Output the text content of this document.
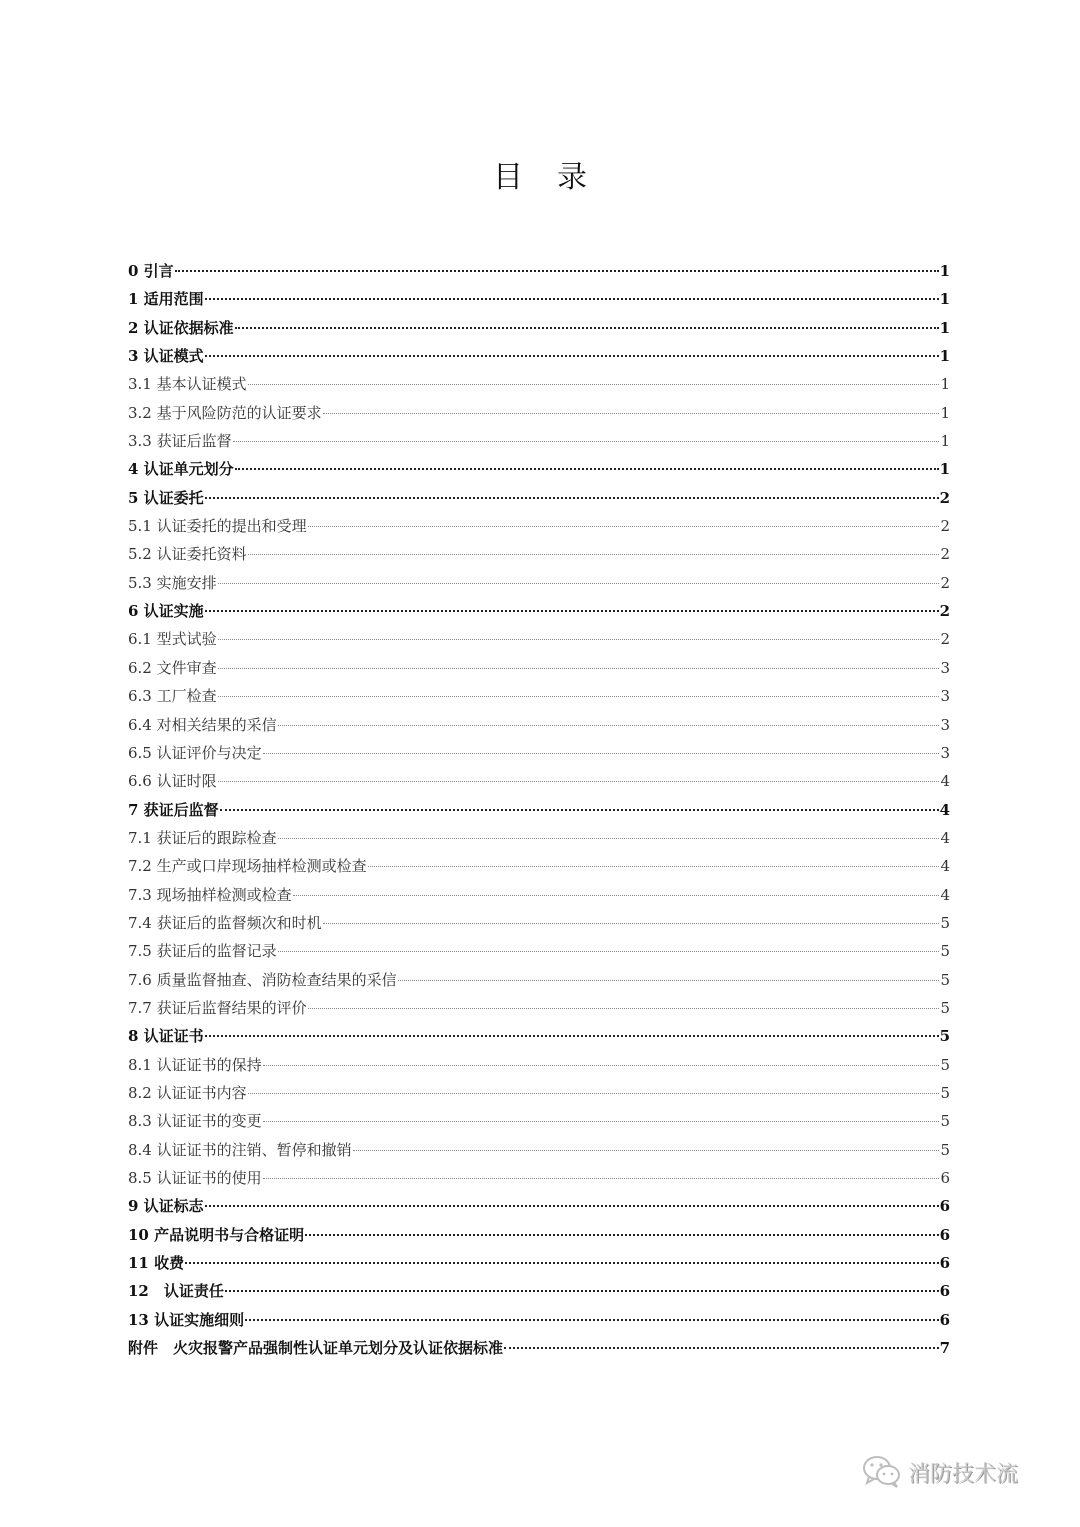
目录
0 引言	1
1 适用范围	1
2 认证依据标准	1
3 认证模式	1
3.1 基本认证模式	1
3.2 基于风险防范的认证要求	1
3.3 获证后监督	1
4 认证单元划分	1
5 认证委托	2
5.1 认证委托的提出和受理	2
5.2 认证委托资料	2
5.3 实施安排	2
6 认证实施	2
6.1 型式试验	2
6.2 文件审查	3
6.3 工厂检查	3
6.4 对相关结果的采信	3
6.5 认证评价与决定	3
6.6 认证时限	4
7 获证后监督	4
7.1 获证后的跟踪检查	4
7.2 生产或口岸现场抽样检测或检查	4
7.3 现场抽样检测或检查	4
7.4 获证后的监督频次和时机	5
7.5 获证后的监督记录	5
7.6 质量监督抽查、消防检查结果的采信	5
7.7 获证后监督结果的评价	5
8 认证证书	5
8.1 认证证书的保持	5
8.2 认证证书内容	5
8.3 认证证书的变更	5
8.4 认证证书的注销、暂停和撤销	5
8.5 认证证书的使用	6
9 认证标志	6
10 产品说明书与合格证明	6
11 收费	6
12　认证责任	6
13 认证实施细则	6
附件　火灾报警产品强制性认证单元划分及认证依据标准	7
消防技术流
